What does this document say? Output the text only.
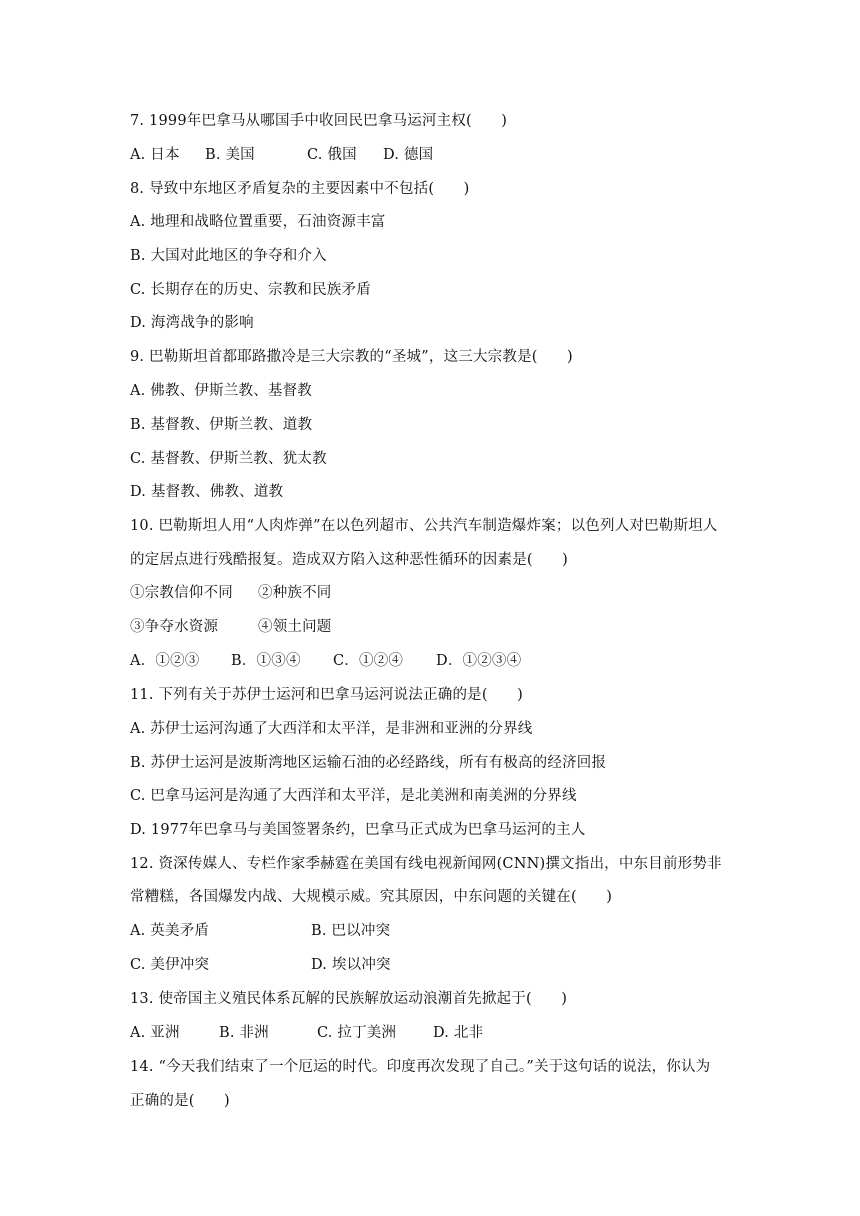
7. 1999年巴拿马从哪国手中收回民巴拿马运河主权(　　)
A. 日本	B. 美国	C. 俄国	D. 德国
8. 导致中东地区矛盾复杂的主要因素中不包括(　　)
A. 地理和战略位置重要，石油资源丰富
B. 大国对此地区的争夺和介入
C. 长期存在的历史、宗教和民族矛盾
D. 海湾战争的影响
9. 巴勒斯坦首都耶路撒冷是三大宗教的“圣城”，这三大宗教是(　　)
A. 佛教、伊斯兰教、基督教
B. 基督教、伊斯兰教、道教
C. 基督教、伊斯兰教、犹太教
D. 基督教、佛教、道教
10. 巴勒斯坦人用“人肉炸弹”在以色列超市、公共汽车制造爆炸案；以色列人对巴勒斯坦人
的定居点进行残酷报复。造成双方陷入这种恶性循环的因素是(　　)
①宗教信仰不同	②种族不同
③争夺水资源	④领土问题
A．①②③	B．①③④	C．①②④	D．①②③④
11. 下列有关于苏伊士运河和巴拿马运河说法正确的是(　　)
A. 苏伊士运河沟通了大西洋和太平洋，是非洲和亚洲的分界线
B. 苏伊士运河是波斯湾地区运输石油的必经路线，所有有极高的经济回报
C. 巴拿马运河是沟通了大西洋和太平洋，是北美洲和南美洲的分界线
D. 1977年巴拿马与美国签署条约，巴拿马正式成为巴拿马运河的主人
12. 资深传媒人、专栏作家季赫霆在美国有线电视新闻网(CNN)撰文指出，中东目前形势非
常糟糕，各国爆发内战、大规模示威。究其原因，中东问题的关键在(　　)
A. 英美矛盾	B. 巴以冲突
C. 美伊冲突	D. 埃以冲突
13. 使帝国主义殖民体系瓦解的民族解放运动浪潮首先掀起于(　　)
A. 亚洲	B. 非洲	C. 拉丁美洲	D. 北非
14. “今天我们结束了一个厄运的时代。印度再次发现了自己。”关于这句话的说法，你认为
正确的是(　　)
